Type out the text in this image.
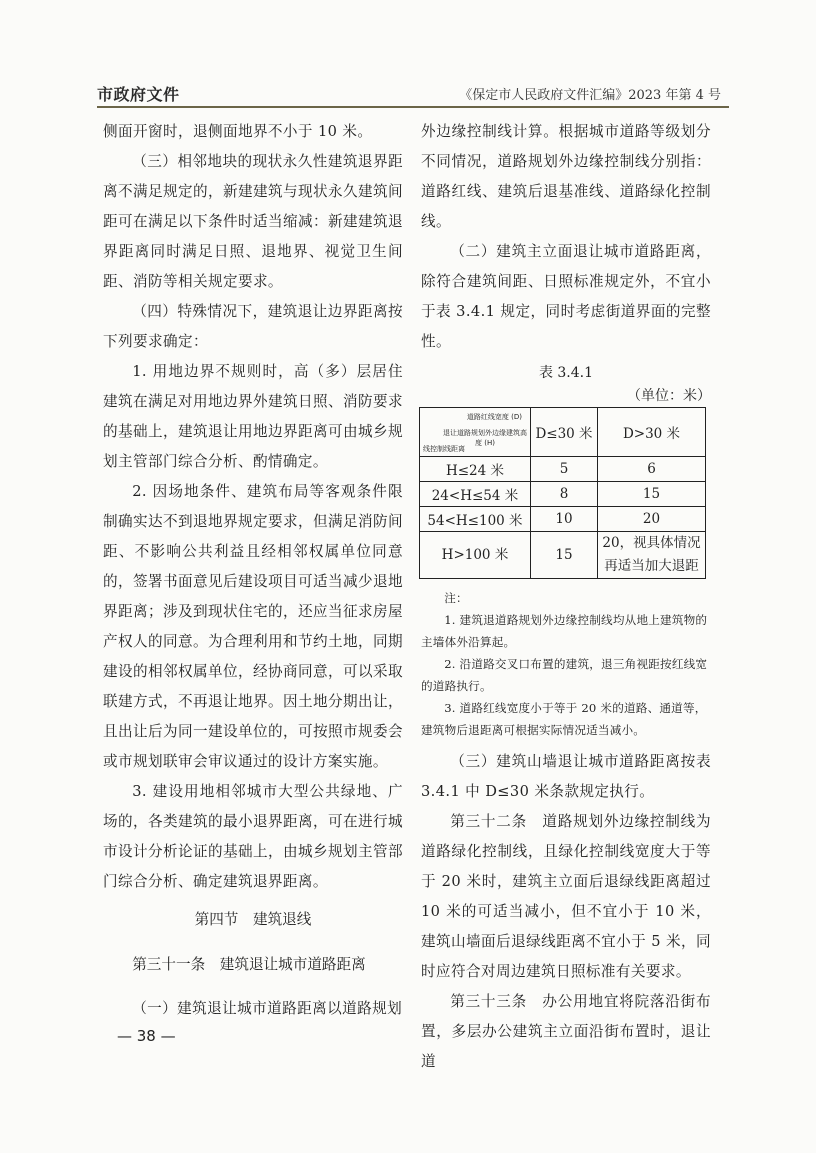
市政府文件	《保定市人民政府文件汇编》2023 年第 4 号

侧面开窗时，退侧面地界不小于 10 米。

（三）相邻地块的现状永久性建筑退界距离不满足规定的，新建建筑与现状永久建筑间距可在满足以下条件时适当缩减：新建建筑退界距离同时满足日照、退地界、视觉卫生间距、消防等相关规定要求。

（四）特殊情况下，建筑退让边界距离按下列要求确定：

1. 用地边界不规则时，高（多）层居住建筑在满足对用地边界外建筑日照、消防要求的基础上，建筑退让用地边界距离可由城乡规划主管部门综合分析、酌情确定。

2. 因场地条件、建筑布局等客观条件限制确实达不到退地界规定要求，但满足消防间距、不影响公共利益且经相邻权属单位同意的，签署书面意见后建设项目可适当减少退地界距离；涉及到现状住宅的，还应当征求房屋产权人的同意。为合理利用和节约土地，同期建设的相邻权属单位，经协商同意，可以采取联建方式，不再退让地界。因土地分期出让，且出让后为同一建设单位的，可按照市规委会或市规划联审会审议通过的设计方案实施。

3. 建设用地相邻城市大型公共绿地、广场的，各类建筑的最小退界距离，可在进行城市设计分析论证的基础上，由城乡规划主管部门综合分析、确定建筑退界距离。

第四节　建筑退线

第三十一条　建筑退让城市道路距离

（一）建筑退让城市道路距离以道路规划

外边缘控制线计算。根据城市道路等级划分不同情况，道路规划外边缘控制线分别指：道路红线、建筑后退基准线、道路绿化控制线。

（二）建筑主立面退让城市道路距离，除符合建筑间距、日照标准规定外，不宜小于表 3.4.1 规定，同时考虑街道界面的完整性。

表 3.4.1
（单位：米）
道路红线宽度 (D)
退让道路规划外边缘建筑高度 (H)
线控制线距离	D≤30 米	D>30 米
H≤24 米	5	6
24<H≤54 米	8	15
54<H≤100 米	10	20
H>100 米	15	20，视具体情况再适当加大退距

注：

1. 建筑退道路规划外边缘控制线均从地上建筑物的主墙体外沿算起。

2. 沿道路交叉口布置的建筑，退三角视距按红线宽的道路执行。

3. 道路红线宽度小于等于 20 米的道路、通道等，建筑物后退距离可根据实际情况适当减小。

（三）建筑山墙退让城市道路距离按表 3.4.1 中 D≤30 米条款规定执行。

第三十二条　道路规划外边缘控制线为道路绿化控制线，且绿化控制线宽度大于等于 20 米时，建筑主立面后退绿线距离超过 10 米的可适当减小，但不宜小于 10 米，建筑山墙面后退绿线距离不宜小于 5 米，同时应符合对周边建筑日照标准有关要求。

第三十三条　办公用地宜将院落沿街布置，多层办公建筑主立面沿街布置时，退让道

— 38 —
